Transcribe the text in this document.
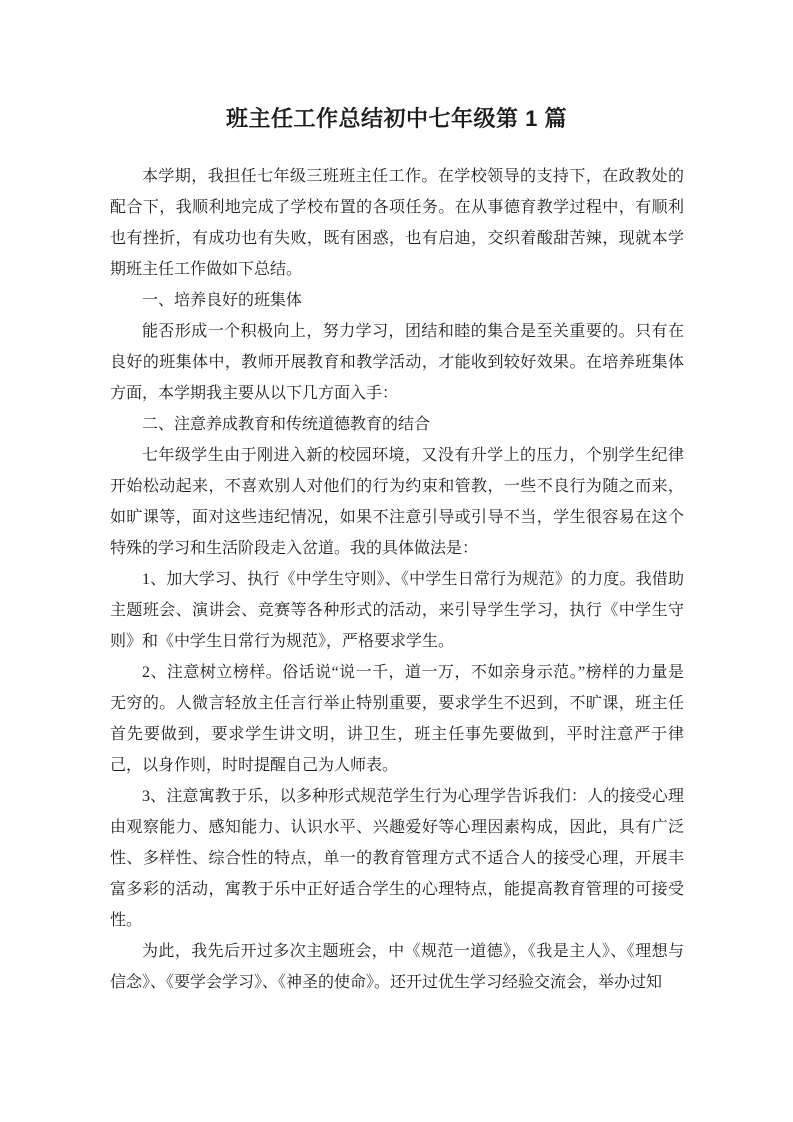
班主任工作总结初中七年级第 1 篇

本学期，我担任七年级三班班主任工作。在学校领导的支持下，在政教处的配合下，我顺利地完成了学校布置的各项任务。在从事德育教学过程中，有顺利也有挫折，有成功也有失败，既有困惑，也有启迪，交织着酸甜苦辣，现就本学期班主任工作做如下总结。

一、培养良好的班集体

能否形成一个积极向上，努力学习，团结和睦的集合是至关重要的。只有在良好的班集体中，教师开展教育和教学活动，才能收到较好效果。在培养班集体方面，本学期我主要从以下几方面入手：

二、注意养成教育和传统道德教育的结合

七年级学生由于刚进入新的校园环境，又没有升学上的压力，个别学生纪律开始松动起来，不喜欢别人对他们的行为约束和管教，一些不良行为随之而来，如旷课等，面对这些违纪情况，如果不注意引导或引导不当，学生很容易在这个特殊的学习和生活阶段走入岔道。我的具体做法是：

1、加大学习、执行《中学生守则》、《中学生日常行为规范》的力度。我借助主题班会、演讲会、竞赛等各种形式的活动，来引导学生学习，执行《中学生守则》和《中学生日常行为规范》，严格要求学生。

2、注意树立榜样。俗话说“说一千，道一万，不如亲身示范。”榜样的力量是无穷的。人微言轻放主任言行举止特别重要，要求学生不迟到，不旷课，班主任首先要做到，要求学生讲文明，讲卫生，班主任事先要做到，平时注意严于律己，以身作则，时时提醒自己为人师表。

3、注意寓教于乐，以多种形式规范学生行为心理学告诉我们：人的接受心理由观察能力、感知能力、认识水平、兴趣爱好等心理因素构成，因此，具有广泛性、多样性、综合性的特点，单一的教育管理方式不适合人的接受心理，开展丰富多彩的活动，寓教于乐中正好适合学生的心理特点，能提高教育管理的可接受性。

为此，我先后开过多次主题班会，中《规范一道德》，《我是主人》、《理想与信念》、《要学会学习》、《神圣的使命》。还开过优生学习经验交流会，举办过知
